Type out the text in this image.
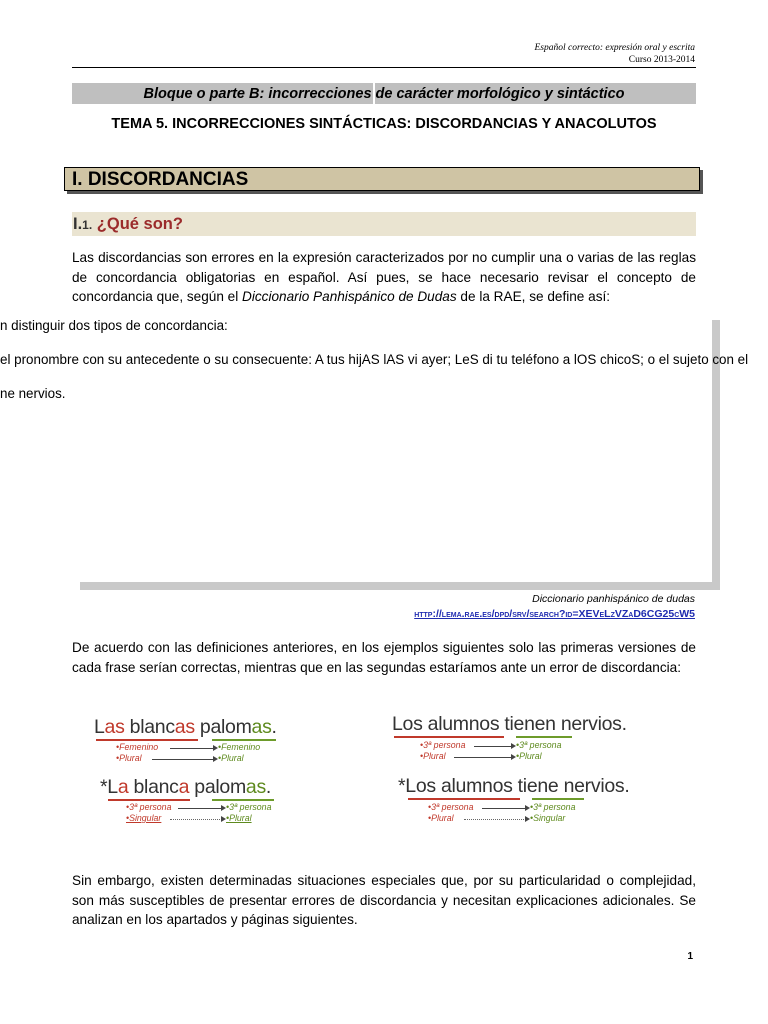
Español correcto: expresión oral y escrita
Curso 2013-2014
Bloque o parte B: incorrecciones de carácter morfológico y sintáctico
TEMA 5. INCORRECCIONES SINTÁCTICAS: DISCORDANCIAS Y ANACOLUTOS
I. DISCORDANCIAS
I.1. ¿Qué son?
Las discordancias son errores en la expresión caracterizados por no cumplir una o varias de las reglas de concordancia obligatorias en español. Así pues, se hace necesario revisar el concepto de concordancia que, según el Diccionario Panhispánico de Dudas de la RAE, se define así:
n distinguir dos tipos de concordancia:
el pronombre con su antecedente o su consecuente: A tus hijAS lAS vi ayer; LeS di tu teléfono a lOS chicoS; o el sujeto con el
ne nervios.
Diccionario panhispánico de dudas
http://lema.rae.es/dpd/srv/search?id=XEVeLzVZaD6CG25cW5
De acuerdo con las definiciones anteriores, en los ejemplos siguientes solo las primeras versiones de cada frase serían correctas, mientras que en las segundas estaríamos ante un error de discordancia:
Las blancas palomas.
•Femenino
•Plural
•Femenino
•Plural
*La blanca palomas.
•3ª persona
•Singular
•3ª persona
•Plural
Los alumnos tienen nervios.
•3ª persona
•Plural
•3ª persona
•Plural
*Los alumnos tiene nervios.
•3ª persona
•Plural
•3ª persona
•Singular
Sin embargo, existen determinadas situaciones especiales que, por su particularidad o complejidad, son más susceptibles de presentar errores de discordancia y necesitan explicaciones adicionales. Se analizan en los apartados y páginas siguientes.
1
